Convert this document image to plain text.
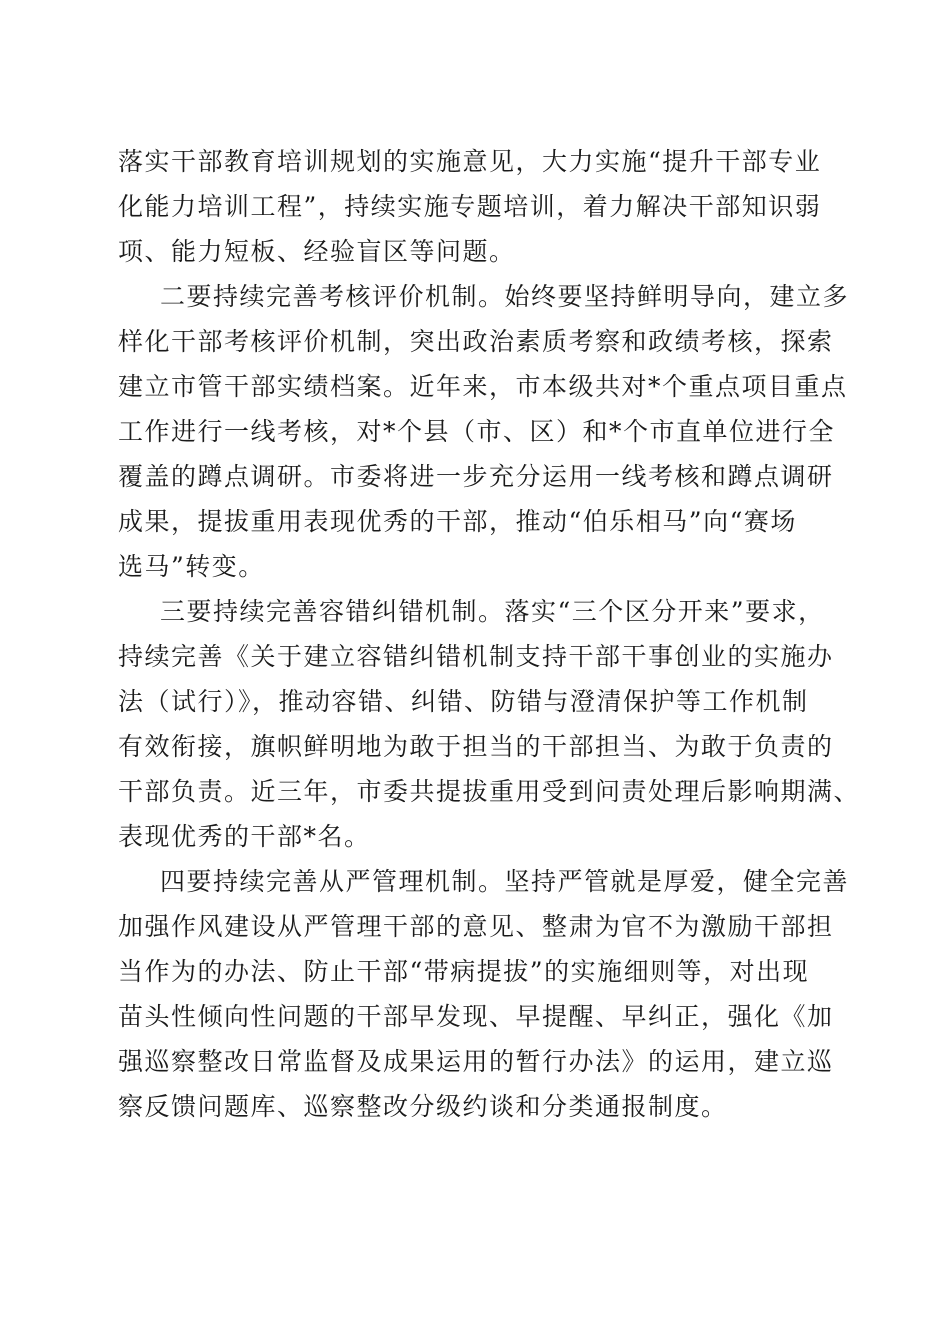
落实干部教育培训规划的实施意见，大力实施“提升干部专业
化能力培训工程”，持续实施专题培训，着力解决干部知识弱
项、能力短板、经验盲区等问题。
二要持续完善考核评价机制。始终要坚持鲜明导向，建立多
样化干部考核评价机制，突出政治素质考察和政绩考核，探索
建立市管干部实绩档案。近年来，市本级共对*个重点项目重点
工作进行一线考核，对*个县（市、区）和*个市直单位进行全
覆盖的蹲点调研。市委将进一步充分运用一线考核和蹲点调研
成果，提拔重用表现优秀的干部，推动“伯乐相马”向“赛场
选马”转变。
三要持续完善容错纠错机制。落实“三个区分开来”要求，
持续完善《关于建立容错纠错机制支持干部干事创业的实施办
法（试行）》，推动容错、纠错、防错与澄清保护等工作机制
有效衔接，旗帜鲜明地为敢于担当的干部担当、为敢于负责的
干部负责。近三年，市委共提拔重用受到问责处理后影响期满、
表现优秀的干部*名。
四要持续完善从严管理机制。坚持严管就是厚爱，健全完善
加强作风建设从严管理干部的意见、整肃为官不为激励干部担
当作为的办法、防止干部“带病提拔”的实施细则等，对出现
苗头性倾向性问题的干部早发现、早提醒、早纠正，强化《加
强巡察整改日常监督及成果运用的暂行办法》的运用，建立巡
察反馈问题库、巡察整改分级约谈和分类通报制度。
